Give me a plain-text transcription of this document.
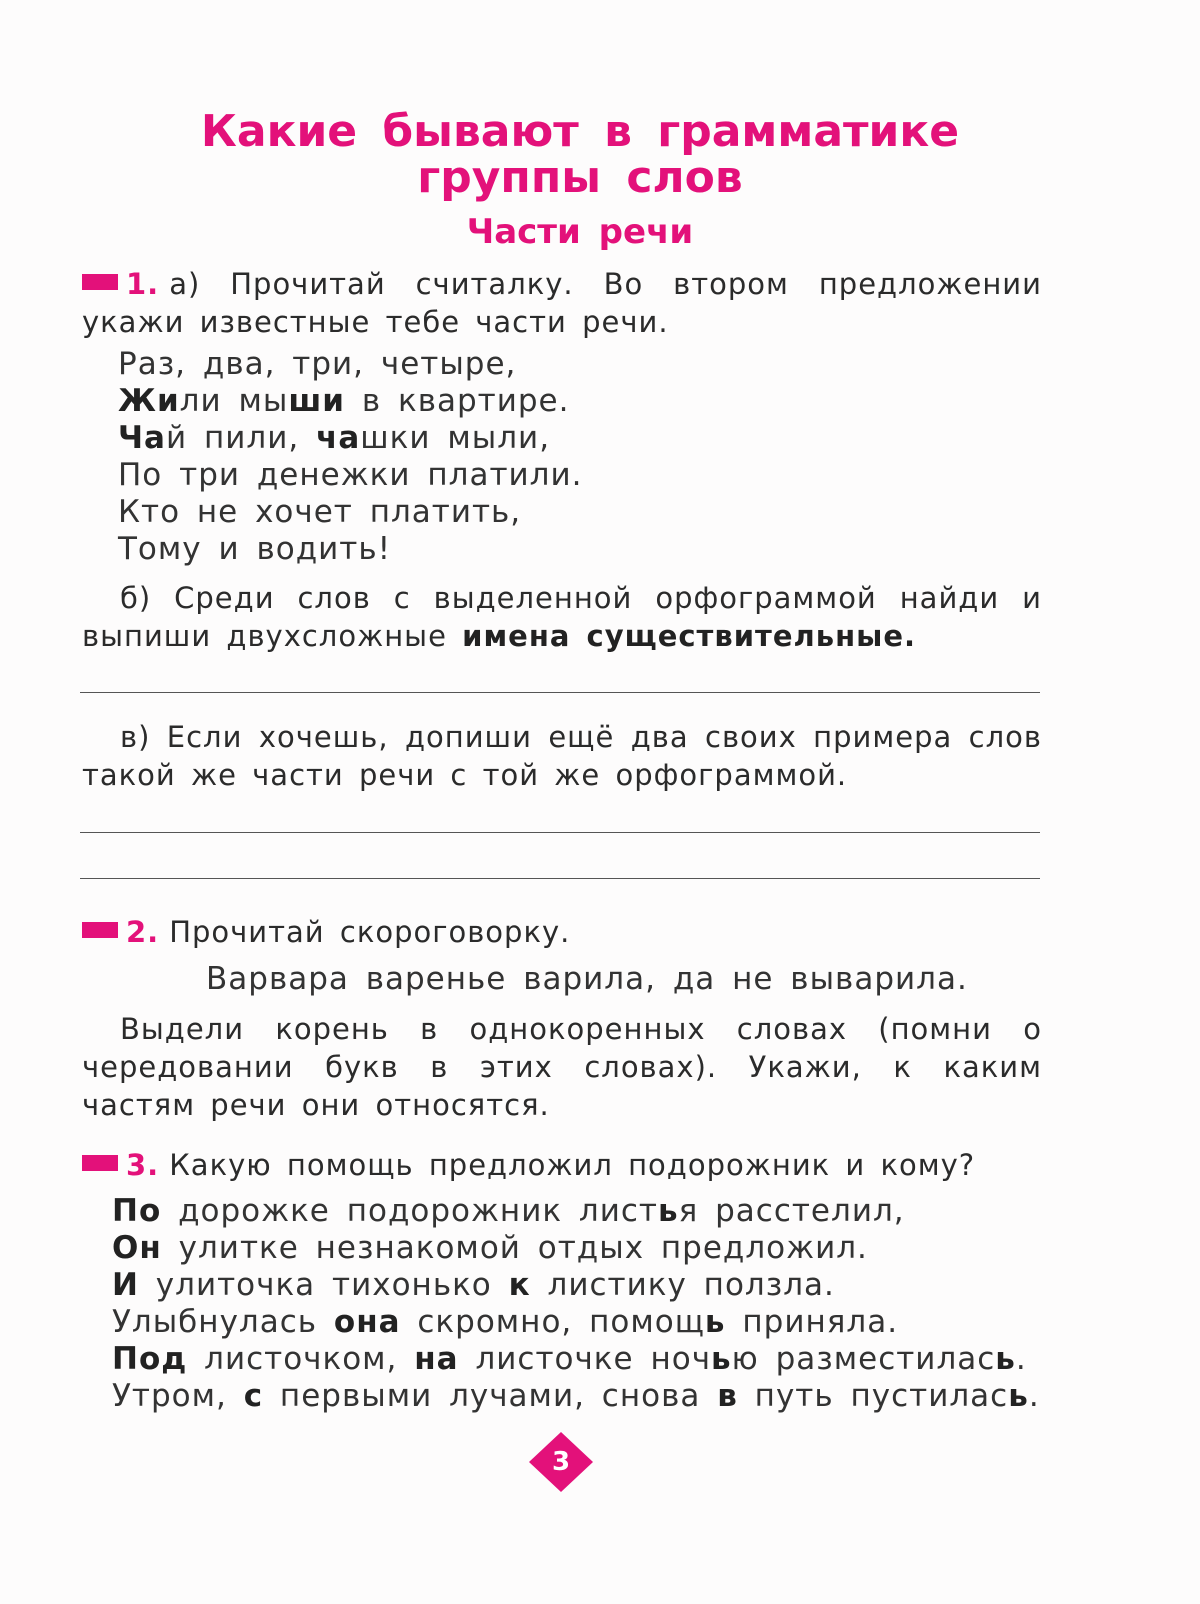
Какие бывают в грамматике
группы слов
Части речи
1. а) Прочитай считалку. Во втором предложении укажи известные тебе части речи.
Раз, два, три, четыре,
Жили мыши в квартире.
Чай пили, чашки мыли,
По три денежки платили.
Кто не хочет платить,
Тому и водить!
б) Среди слов с выделенной орфограммой найди и выпиши двухсложные имена существительные.
в) Если хочешь, допиши ещё два своих примера слов такой же части речи с той же орфограммой.
2. Прочитай скороговорку.
Варвара варенье варила, да не выварила.
Выдели корень в однокоренных словах (помни о чередовании букв в этих словах). Укажи, к каким частям речи они относятся.
3. Какую помощь предложил подорожник и кому?
По дорожке подорожник листья расстелил,
Он улитке незнакомой отдых предложил.
И улиточка тихонько к листику ползла.
Улыбнулась она скромно, помощь приняла.
Под листочком, на листочке ночью разместилась.
Утром, с первыми лучами, снова в путь пустилась.
3
